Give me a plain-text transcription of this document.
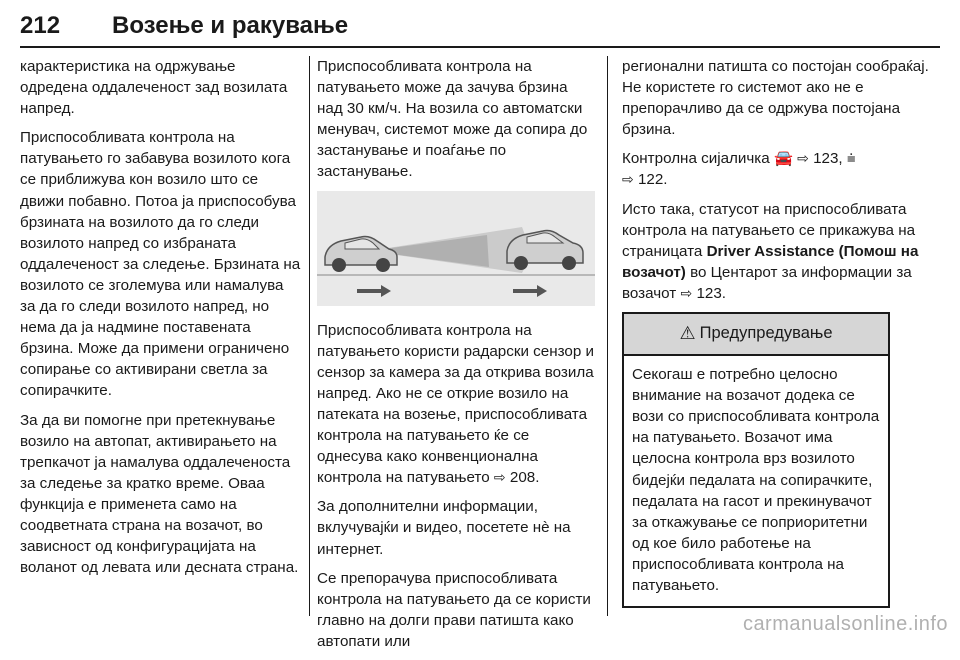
212 Возење и ракување

карактеристика на одржување одредена оддалеченост зад возилата напред.

Приспособливата контрола на патувањето го забавува возилото кога се приближува кон возило што се движи побавно. Потоа ја приспособува брзината на возилото да го следи возилото напред со избраната оддалеченост за следење. Брзината на возилото се зголемува или намалува за да го следи возилото напред, но нема да ја надмине поставената брзина. Може да примени ограничено сопирање со активирани светла за сопирачките.

За да ви помогне при претекнување возило на автопат, активирањето на трепкачот ја намалува оддалеченоста за следење за кратко време. Оваа функција е применета само на соодветната страна на возачот, во зависност од конфигурацијата на воланот од левата или десната страна.

Приспособливата контрола на патувањето може да зачува брзина над 30 км/ч. На возила со автоматски менувач, системот може да сопира до застанување и поаѓање по застанување.

Приспособливата контрола на патувањето користи радарски сензор и сензор за камера за да открива возила напред. Ако не се открие возило на патеката на возење, приспособливата контрола на патувањето ќе се однесува како конвенционална контрола на патувањето ⇨ 208.

За дополнителни информации, вклучувајќи и видео, посетете нè на интернет.

Се препорачува приспособливата контрола на патувањето да се користи главно на долги прави патишта како автопати или

регионални патишта со постојан сообраќај. Не користете го системот ако не е препорачливо да се одржува постојана брзина.

Контролна сијаличка 🚘 ⇨ 123, ⩧
⇨ 122.

Исто така, статусот на приспособливата контрола на патувањето се прикажува на страницата Driver Assistance (Помош на возачот) во Центарот за информации за возачот ⇨ 123.

⚠ Предупредување
Секогаш е потребно целосно внимание на возачот додека се вози со приспособливата контрола на патувањето. Возачот има целосна контрола врз возилото бидејќи педалата на сопирачките, педалата на гасот и прекинувачот за откажување се поприоритетни од кое било работење на приспособливата контрола на патувањето.
carmanualsonline.info
